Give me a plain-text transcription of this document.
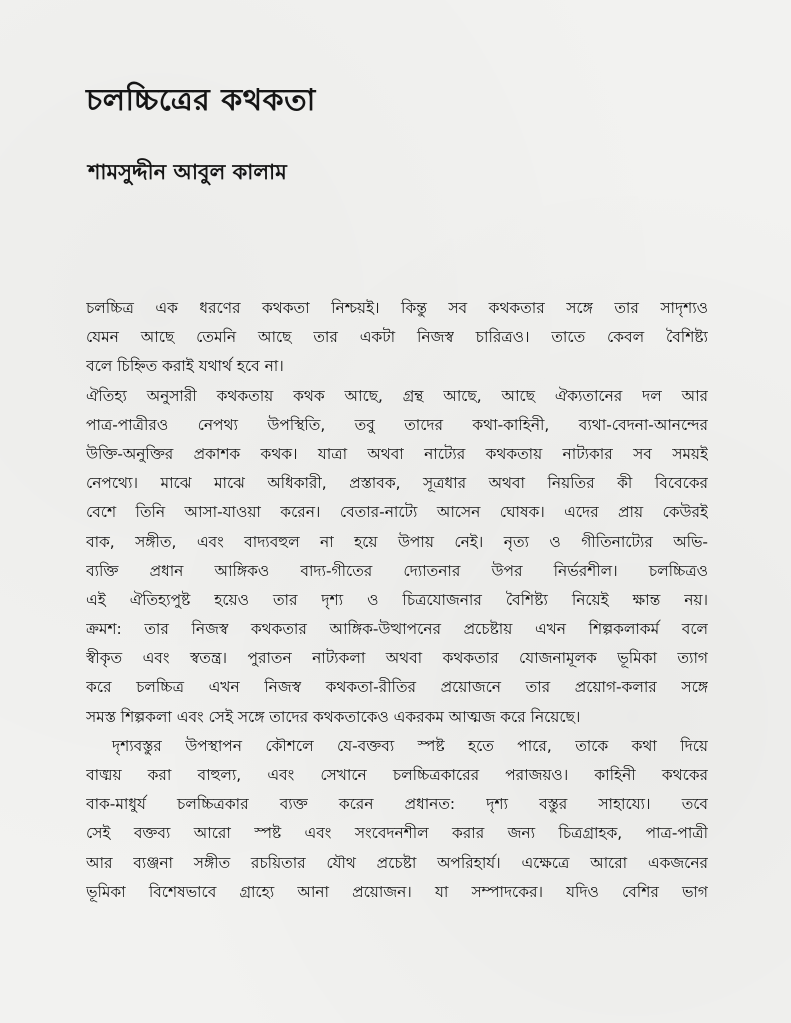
চলচ্চিত্রের কথকতা
শামসুদ্দীন আবুল কালাম
চলচ্চিত্র এক ধরণের কথকতা নিশ্চয়ই। কিন্তু সব কথকতার সঙ্গে তার সাদৃশ্যও
যেমন আছে তেমনি আছে তার একটা নিজস্ব চারিত্রও। তাতে কেবল বৈশিষ্ট্য
বলে চিহ্নিত করাই যথার্থ হবে না।
ঐতিহ্য অনুসারী কথকতায় কথক আছে, গ্রন্থ আছে, আছে ঐক্যতানের দল আর
পাত্র-পাত্রীরও নেপথ্য উপস্থিতি, তবু তাদের কথা-কাহিনী, ব্যথা-বেদনা-আনন্দের
উক্তি-অনুক্তির প্রকাশক কথক। যাত্রা অথবা নাট্যের কথকতায় নাট্যকার সব সময়ই
নেপথ্যে। মাঝে মাঝে অধিকারী, প্রস্তাবক, সূত্রধার অথবা নিয়তির কী বিবেকের
বেশে তিনি আসা-যাওয়া করেন। বেতার-নাট্যে আসেন ঘোষক। এদের প্রায় কেউরই
বাক, সঙ্গীত, এবং বাদ্যবহুল না হয়ে উপায় নেই। নৃত্য ও গীতিনাট্যের অভি-
ব্যক্তি প্রধান আঙ্গিকও বাদ্য-গীতের দ্যোতনার উপর নির্ভরশীল। চলচ্চিত্রও
এই ঐতিহ্যপুষ্ট হয়েও তার দৃশ্য ও চিত্রযোজনার বৈশিষ্ট্য নিয়েই ক্ষান্ত নয়।
ক্রমশ: তার নিজস্ব কথকতার আঙ্গিক-উত্থাপনের প্রচেষ্টায় এখন শিল্পকলাকর্ম বলে
স্বীকৃত এবং স্বতন্ত্র। পুরাতন নাট্যকলা অথবা কথকতার যোজনামূলক ভূমিকা ত্যাগ
করে চলচ্চিত্র এখন নিজস্ব কথকতা-রীতির প্রয়োজনে তার প্রয়োগ-কলার সঙ্গে
সমস্ত শিল্পকলা এবং সেই সঙ্গে তাদের কথকতাকেও একরকম আত্মজ করে নিয়েছে।
দৃশ্যবস্তুর উপস্থাপন কৌশলে যে-বক্তব্য স্পষ্ট হতে পারে, তাকে কথা দিয়ে
বাঙ্ময় করা বাহুল্য, এবং সেখানে চলচ্চিত্রকারের পরাজয়ও। কাহিনী কথকের
বাক-মাধুর্য চলচ্চিত্রকার ব্যক্ত করেন প্রধানত: দৃশ্য বস্তুর সাহায্যে। তবে
সেই বক্তব্য আরো স্পষ্ট এবং সংবেদনশীল করার জন্য চিত্রগ্রাহক, পাত্র-পাত্রী
আর ব্যঞ্জনা সঙ্গীত রচয়িতার যৌথ প্রচেষ্টা অপরিহার্য। এক্ষেত্রে আরো একজনের
ভূমিকা বিশেষভাবে গ্রাহ্যে আনা প্রয়োজন। যা সম্পাদকের। যদিও বেশির ভাগ
